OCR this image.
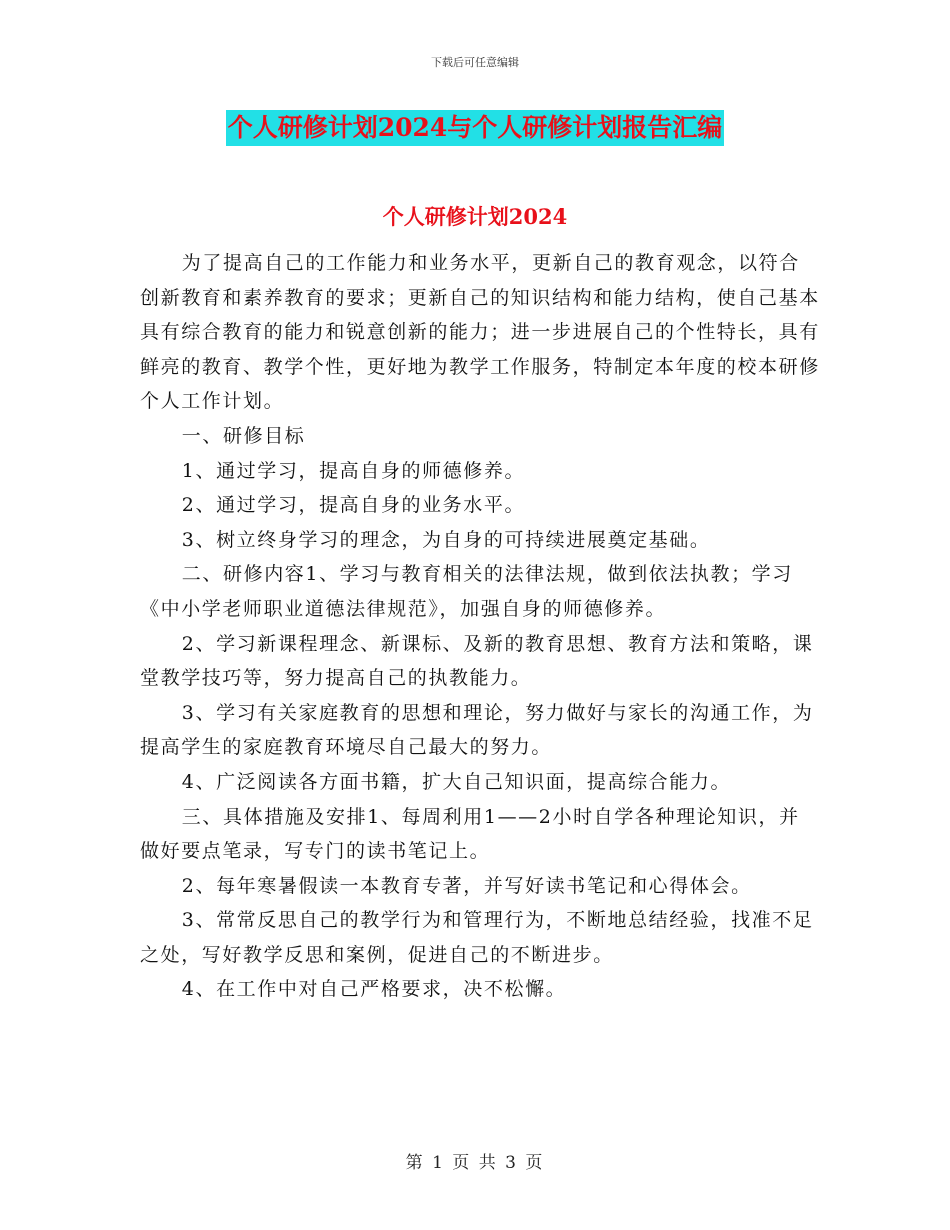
下载后可任意编辑
个人研修计划2024与个人研修计划报告汇编
个人研修计划2024

为了提高自己的工作能力和业务水平，更新自己的教育观念，以符合创新教育和素养教育的要求；更新自己的知识结构和能力结构，使自己基本具有综合教育的能力和锐意创新的能力；进一步进展自己的个性特长，具有鲜亮的教育、教学个性，更好地为教学工作服务，特制定本年度的校本研修个人工作计划。

一、研修目标

1、通过学习，提高自身的师德修养。

2、通过学习，提高自身的业务水平。

3、树立终身学习的理念，为自身的可持续进展奠定基础。

二、研修内容1、学习与教育相关的法律法规，做到依法执教；学习《中小学老师职业道德法律规范》，加强自身的师德修养。

2、学习新课程理念、新课标、及新的教育思想、教育方法和策略，课堂教学技巧等，努力提高自己的执教能力。

3、学习有关家庭教育的思想和理论，努力做好与家长的沟通工作，为提高学生的家庭教育环境尽自己最大的努力。

4、广泛阅读各方面书籍，扩大自己知识面，提高综合能力。

三、具体措施及安排1、每周利用1——2小时自学各种理论知识，并做好要点笔录，写专门的读书笔记上。

2、每年寒暑假读一本教育专著，并写好读书笔记和心得体会。

3、常常反思自己的教学行为和管理行为，不断地总结经验，找准不足之处，写好教学反思和案例，促进自己的不断进步。

4、在工作中对自己严格要求，决不松懈。

第 1 页 共 3 页
